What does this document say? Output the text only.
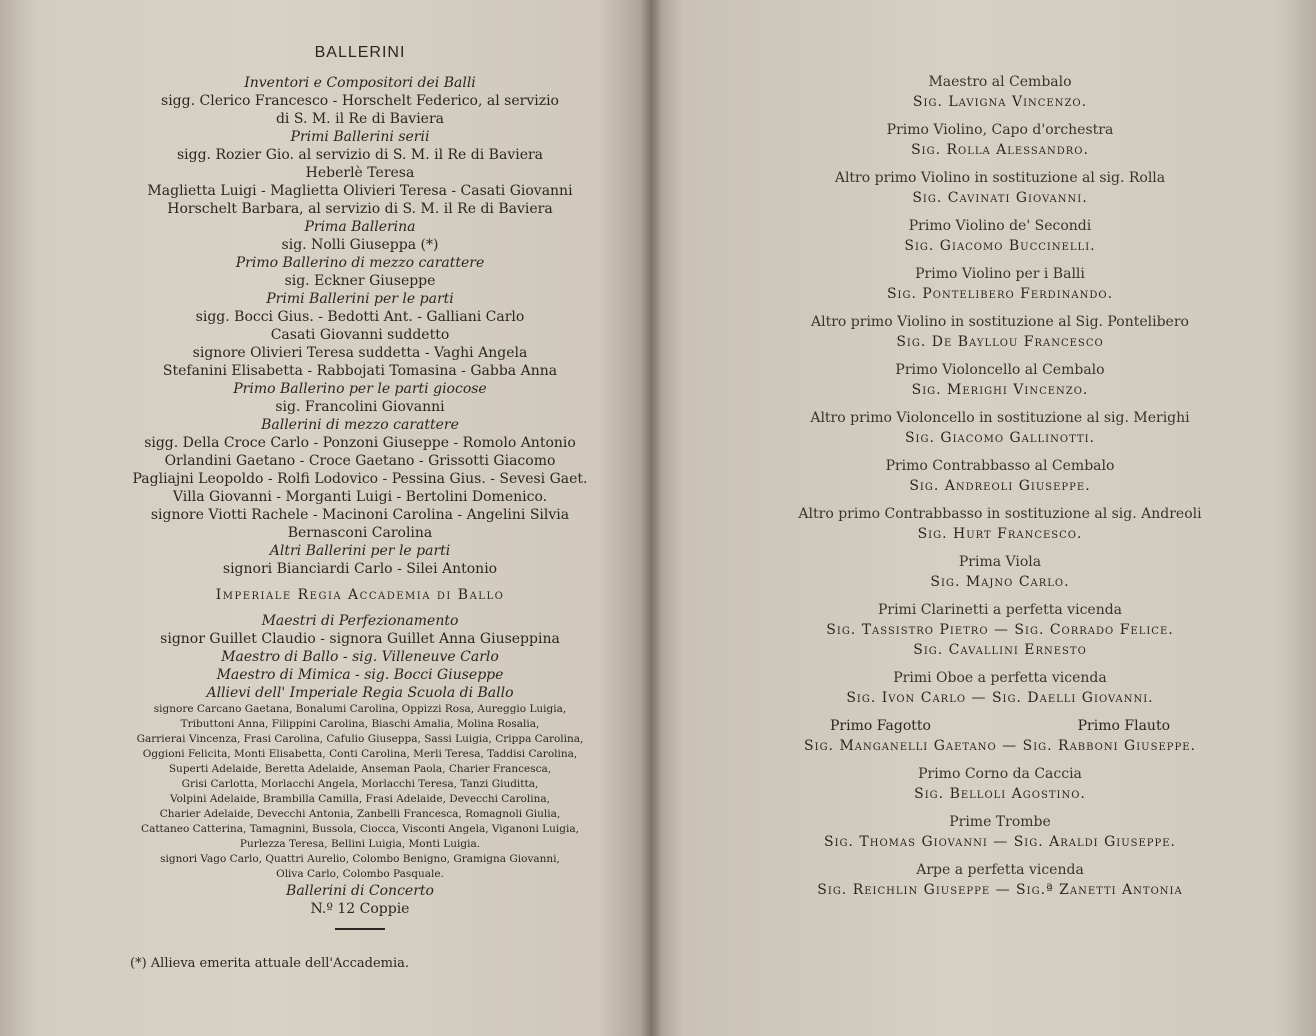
BALLERINI
Inventori e Compositori dei Balli
sigg. Clerico Francesco - Horschelt Federico, al servizio
di S. M. il Re di Baviera
Primi Ballerini serii
sigg. Rozier Gio. al servizio di S. M. il Re di Baviera
Heberlè Teresa
Maglietta Luigi - Maglietta Olivieri Teresa - Casati Giovanni
Horschelt Barbara, al servizio di S. M. il Re di Baviera
Prima Ballerina
sig. Nolli Giuseppa (*)
Primo Ballerino di mezzo carattere
sig. Eckner Giuseppe
Primi Ballerini per le parti
sigg. Bocci Gius. - Bedotti Ant. - Galliani Carlo
Casati Giovanni suddetto
signore Olivieri Teresa suddetta - Vaghi Angela
Stefanini Elisabetta - Rabbojati Tomasina - Gabba Anna
Primo Ballerino per le parti giocose
sig. Francolini Giovanni
Ballerini di mezzo carattere
sigg. Della Croce Carlo - Ponzoni Giuseppe - Romolo Antonio
Orlandini Gaetano - Croce Gaetano - Grissotti Giacomo
Pagliajni Leopoldo - Rolfi Lodovico - Pessina Gius. - Sevesi Gaet.
Villa Giovanni - Morganti Luigi - Bertolini Domenico.
signore Viotti Rachele - Macinoni Carolina - Angelini Silvia
Bernasconi Carolina
Altri Ballerini per le parti
signori Bianciardi Carlo - Silei Antonio
Imperiale Regia Accademia di Ballo
Maestri di Perfezionamento
signor Guillet Claudio - signora Guillet Anna Giuseppina
Maestro di Ballo - sig. Villeneuve Carlo
Maestro di Mimica - sig. Bocci Giuseppe
Allievi dell' Imperiale Regia Scuola di Ballo
signore Carcano Gaetana, Bonalumi Carolina, Oppizzi Rosa, Aureggio Luigia,
Tributtoni Anna, Filippini Carolina, Biaschi Amalia, Molina Rosalia,
Garrierai Vincenza, Frasi Carolina, Cafulio Giuseppa, Sassi Luigia, Crippa Carolina,
Oggioni Felicita, Monti Elisabetta, Conti Carolina, Merli Teresa, Taddisi Carolina,
Superti Adelaide, Beretta Adelaide, Anseman Paola, Charier Francesca,
Grisi Carlotta, Morlacchi Angela, Morlacchi Teresa, Tanzi Giuditta,
Volpini Adelaide, Brambilla Camilla, Frasi Adelaide, Devecchi Carolina,
Charier Adelaide, Devecchi Antonia, Zanbelli Francesca, Romagnoli Giulia,
Cattaneo Catterina, Tamagnini, Bussola, Ciocca, Visconti Angela, Viganoni Luigia,
Purlezza Teresa, Bellini Luigia, Monti Luigia.
signori Vago Carlo, Quattri Aurelio, Colombo Benigno, Gramigna Giovanni,
Oliva Carlo, Colombo Pasquale.
Ballerini di Concerto
N.º 12 Coppie
(*) Allieva emerita attuale dell'Accademia.
Maestro al Cembalo
Sig. Lavigna Vincenzo.
Primo Violino, Capo d'orchestra
Sig. Rolla Alessandro.
Altro primo Violino in sostituzione al sig. Rolla
Sig. Cavinati Giovanni.
Primo Violino de' Secondi
Sig. Giacomo Buccinelli.
Primo Violino per i Balli
Sig. Pontelibero Ferdinando.
Altro primo Violino in sostituzione al Sig. Pontelibero
Sig. De Bayllou Francesco
Primo Violoncello al Cembalo
Sig. Merighi Vincenzo.
Altro primo Violoncello in sostituzione al sig. Merighi
Sig. Giacomo Gallinotti.
Primo Contrabbasso al Cembalo
Sig. Andreoli Giuseppe.
Altro primo Contrabbasso in sostituzione al sig. Andreoli
Sig. Hurt Francesco.
Prima Viola
Sig. Majno Carlo.
Primi Clarinetti a perfetta vicenda
Sig. Tassistro Pietro — Sig. Corrado Felice.
Sig. Cavallini Ernesto
Primi Oboe a perfetta vicenda
Sig. Ivon Carlo — Sig. Daelli Giovanni.
Primo Fagotto	Primo Flauto
Sig. Manganelli Gaetano — Sig. Rabboni Giuseppe.
Primo Corno da Caccia
Sig. Belloli Agostino.
Prime Trombe
Sig. Thomas Giovanni — Sig. Araldi Giuseppe.
Arpe a perfetta vicenda
Sig. Reichlin Giuseppe — Sig.ª Zanetti Antonia
